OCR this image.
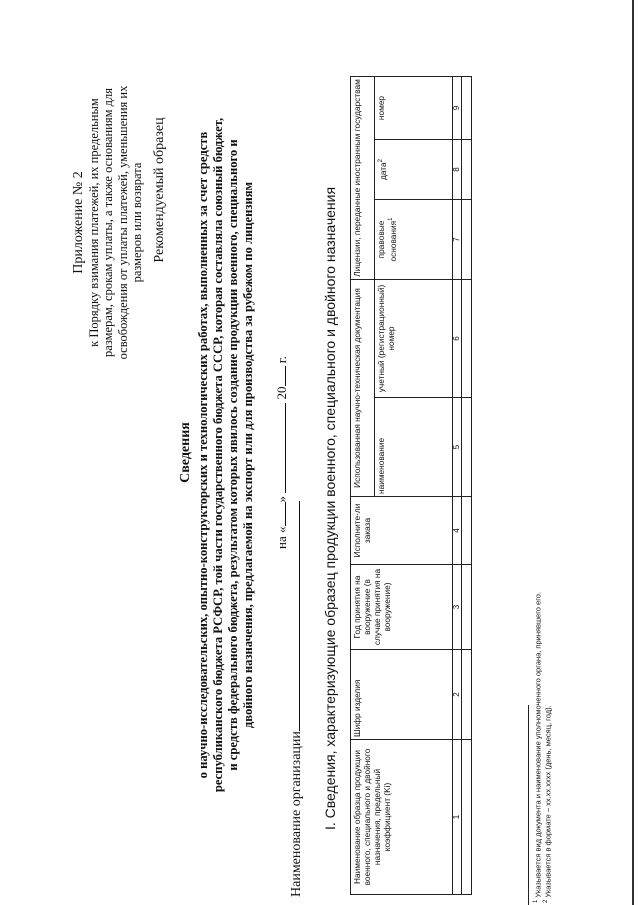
Приложение № 2 к Порядку взимания платежей, их предельным размерам, срокам уплаты, а также основаниям для освобождения от уплаты платежей, уменьшения их размеров или возврата Рекомендуемый образец
Сведения о научно-исследовательских, опытно-конструкторских и технологических работах, выполненных за счет средств республиканского бюджета РСФСР, той части государственного бюджета СССР, которая составляла союзный бюджет, и средств федерального бюджета, результатом которых явилось создание продукции военного, специального и двойного назначения, предлагаемой на экспорт или для производства за рубежом по лицензиям на «»  20 г.
Наименование организации I. Сведения, характеризующие образец продукции военного, специального и двойного назначения Наименование образца продукции военного, специального и двойного назначения, предельный коэффициент (Ki)	Шифр изделия	Год принятия на вооружение (в случае принятия на вооружение)	Исполните-ли заказа	Использованная научно-техническая документация		Лицензии, переданные иностранным государствам		
				наименование	учетный (регистрационный) номер	правовые основания$^1$	дата$^2$	номер
1	2	3	4	5	6	7	8	9

$^1$ Указывается вид документа и наименование уполномоченного органа, принявшего его.
$^2$ Указывается в формате – хх.хх.хххх (день, месяц, год).
